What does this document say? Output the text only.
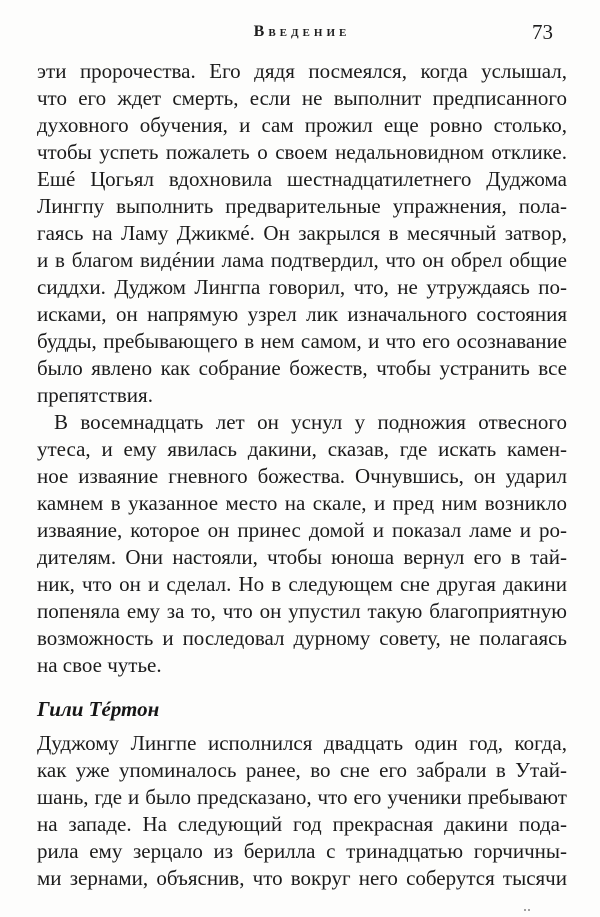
Введение	73

эти пророчества. Его дядя посмеялся, когда услышал,
что его ждет смерть, если не выполнит предписанного
духовного обучения, и сам прожил еще ровно столько,
чтобы успеть пожалеть о своем недальновидном отклике.
Ешé Цогьял вдохновила шестнадцатилетнего Дуджома
Лингпу выполнить предварительные упражнения, пола-
гаясь на Ламу Джикмé. Он закрылся в месячный затвор,
и в благом видéнии лама подтвердил, что он обрел общие
сиддхи. Дуджом Лингпа говорил, что, не утруждаясь по-
исками, он напрямую узрел лик изначального состояния
будды, пребывающего в нем самом, и что его осознавание
было явлено как собрание божеств, чтобы устранить все
препятствия.

В восемнадцать лет он уснул у подножия отвесного
утеса, и ему явилась дакини, сказав, где искать камен-
ное изваяние гневного божества. Очнувшись, он ударил
камнем в указанное место на скале, и пред ним возникло
изваяние, которое он принес домой и показал ламе и ро-
дителям. Они настояли, чтобы юноша вернул его в тай-
ник, что он и сделал. Но в следующем сне другая дакини
попеняла ему за то, что он упустил такую благоприятную
возможность и последовал дурному совету, не полагаясь
на свое чутье.

Гили Тéртон

Дуджому Лингпе исполнился двадцать один год, когда,
как уже упоминалось ранее, во сне его забрали в Утай-
шань, где и было предсказано, что его ученики пребывают
на западе. На следующий год прекрасная дакини пода-
рила ему зерцало из берилла с тринадцатью горчичны-
ми зернами, объяснив, что вокруг него соберутся тысячи
